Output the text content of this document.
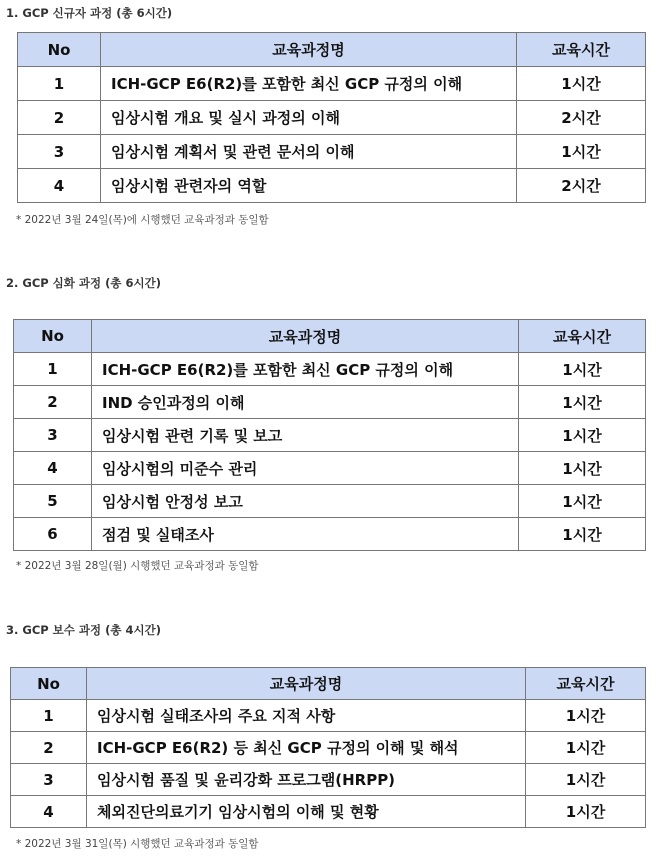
1. GCP 신규자 과정 (총 6시간)
No	교육과정명	교육시간
1	ICH-GCP E6(R2)를 포함한 최신 GCP 규정의 이해	1시간
2	임상시험 개요 및 실시 과정의 이해	2시간
3	임상시험 계획서 및 관련 문서의 이해	1시간
4	임상시험 관련자의 역할	2시간
* 2022년 3월 24일(목)에 시행했던 교육과정과 동일함
2. GCP 심화 과정 (총 6시간)
No	교육과정명	교육시간
1	ICH-GCP E6(R2)를 포함한 최신 GCP 규정의 이해	1시간
2	IND 승인과정의 이해	1시간
3	임상시험 관련 기록 및 보고	1시간
4	임상시험의 미준수 관리	1시간
5	임상시험 안정성 보고	1시간
6	점검 및 실태조사	1시간
* 2022년 3월 28일(월) 시행했던 교육과정과 동일함
3. GCP 보수 과정 (총 4시간)
No	교육과정명	교육시간
1	임상시험 실태조사의 주요 지적 사항	1시간
2	ICH-GCP E6(R2) 등 최신 GCP 규정의 이해 및 해석	1시간
3	임상시험 품질 및 윤리강화 프로그램(HRPP)	1시간
4	체외진단의료기기 임상시험의 이해 및 현황	1시간
* 2022년 3월 31일(목) 시행했던 교육과정과 동일함
